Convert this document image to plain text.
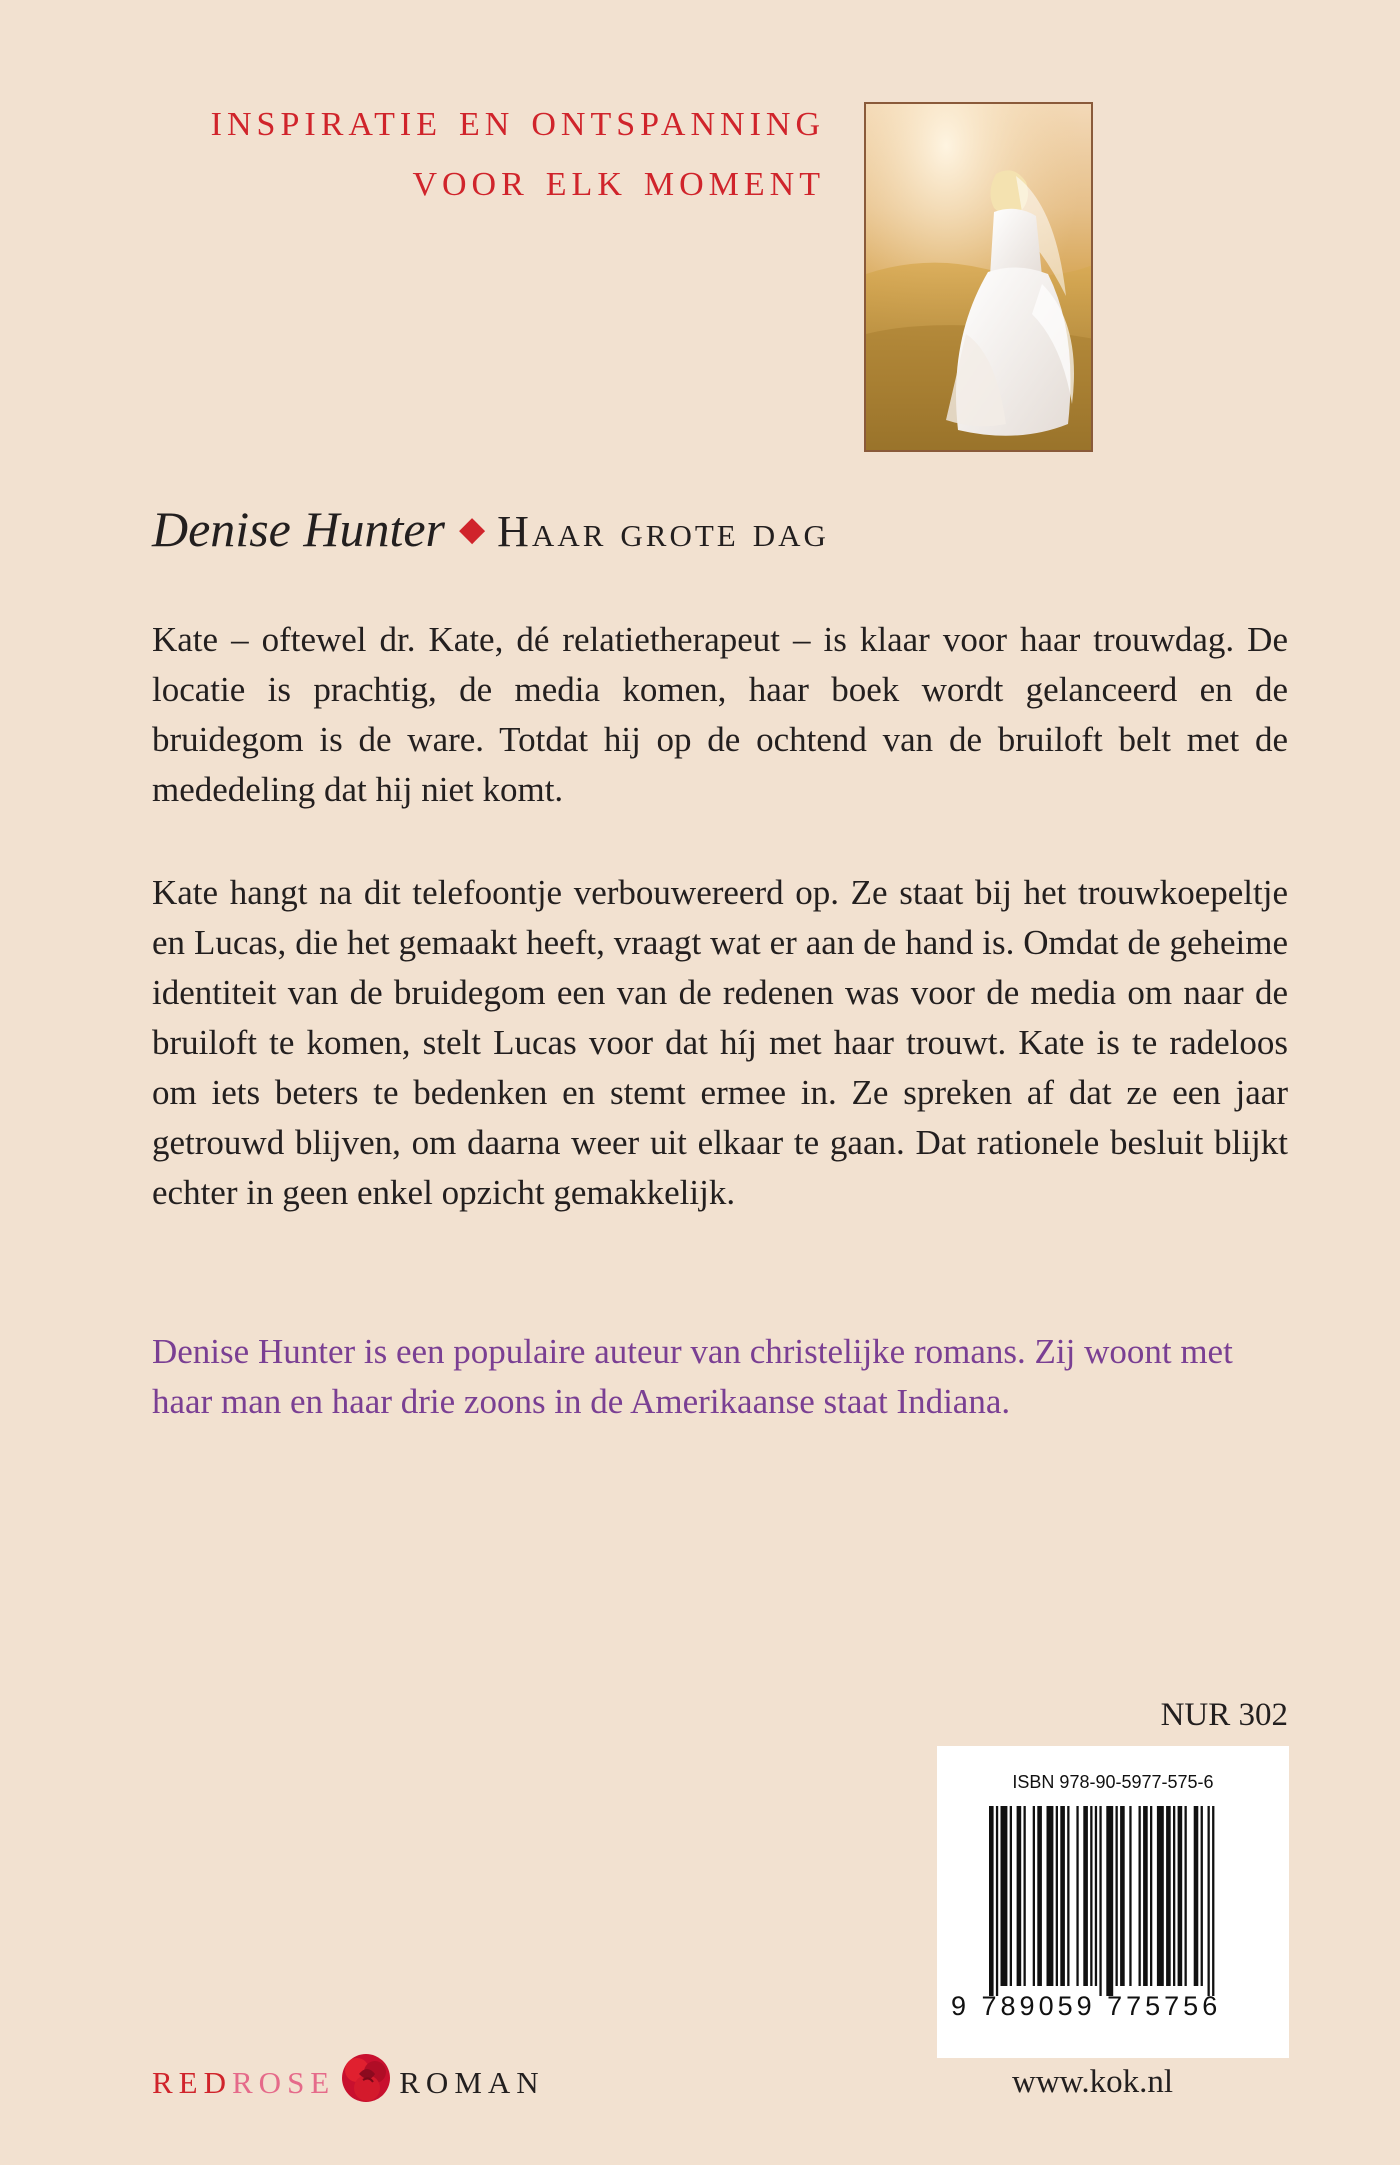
inspiratie en ontspanning
voor elk moment
Denise Hunter ◆ Haar grote dag

Kate – oftewel dr. Kate, dé relatietherapeut – is klaar voor haar trouwdag. De locatie is prachtig, de media komen, haar boek wordt gelanceerd en de bruidegom is de ware. Totdat hij op de ochtend van de bruiloft belt met de mededeling dat hij niet komt.

Kate hangt na dit telefoontje verbouwereerd op. Ze staat bij het trouwkoepeltje en Lucas, die het gemaakt heeft, vraagt wat er aan de hand is. Omdat de geheime identiteit van de bruidegom een van de redenen was voor de media om naar de bruiloft te komen, stelt Lucas voor dat híj met haar trouwt. Kate is te radeloos om iets beters te bedenken en stemt ermee in. Ze spreken af dat ze een jaar getrouwd blijven, om daarna weer uit elkaar te gaan. Dat rationele besluit blijkt echter in geen enkel opzicht gemakkelijk.

Denise Hunter is een populaire auteur van christelijke romans. Zij woont met haar man en haar drie zoons in de Amerikaanse staat Indiana.

NUR 302
ISBN 978-90-5977-575-6
9 789059 775756
red rose roman	www.kok.nl
